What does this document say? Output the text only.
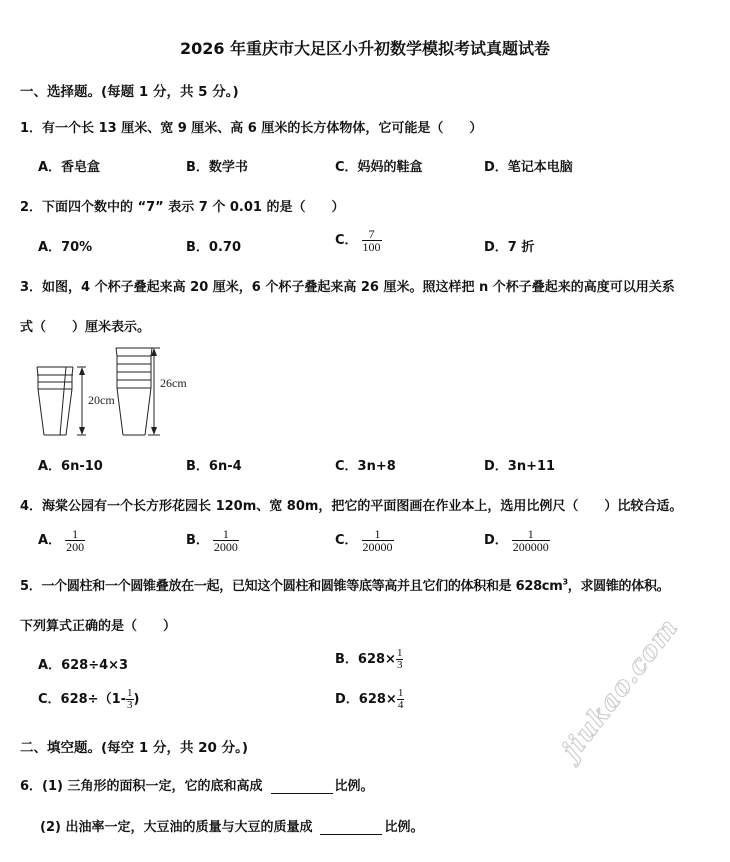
2026 年重庆市大足区小升初数学模拟考试真题试卷
一、选择题。(每题 1 分，共 5 分。)
1．有一个长 13 厘米、宽 9 厘米、高 6 厘米的长方体物体，它可能是（　　）
A．香皂盒	B．数学书	C．妈妈的鞋盒	D．笔记本电脑
2．下面四个数中的 “7” 表示 7 个 0.01 的是（　　）
A．70%	B．0.70	C． $\frac{7}{100}$	D．7 折
3．如图，4 个杯子叠起来高 20 厘米，6 个杯子叠起来高 26 厘米。照这样把 n 个杯子叠起来的高度可以用关系
式（　　）厘米表示。
20cm
26cm
A．6n-10	B．6n-4	C．3n+8	D．3n+11
4．海棠公园有一个长方形花园长 120m、宽 80m，把它的平面图画在作业本上，选用比例尺（　　）比较合适。
A． $\frac{1}{200}$	B． $\frac{1}{2000}$	C． $\frac{1}{20000}$	D． $\frac{1}{200000}$
5．一个圆柱和一个圆锥叠放在一起，已知这个圆柱和圆锥等底等高并且它们的体积和是 $628cm^3$，求圆锥的体积。
下列算式正确的是（　　）
A．628÷4×3	B．$628\times \frac{1}{3}$
C．$628\div(1- \frac{1}{3}$ )	D．$628\times \frac{1}{4}$
二、填空题。(每空 1 分，共 20 分。)
6．(1) 三角形的面积一定，它的底和高成	比例。
(2) 出油率一定，大豆油的质量与大豆的质量成	比例。
jiukao.com
